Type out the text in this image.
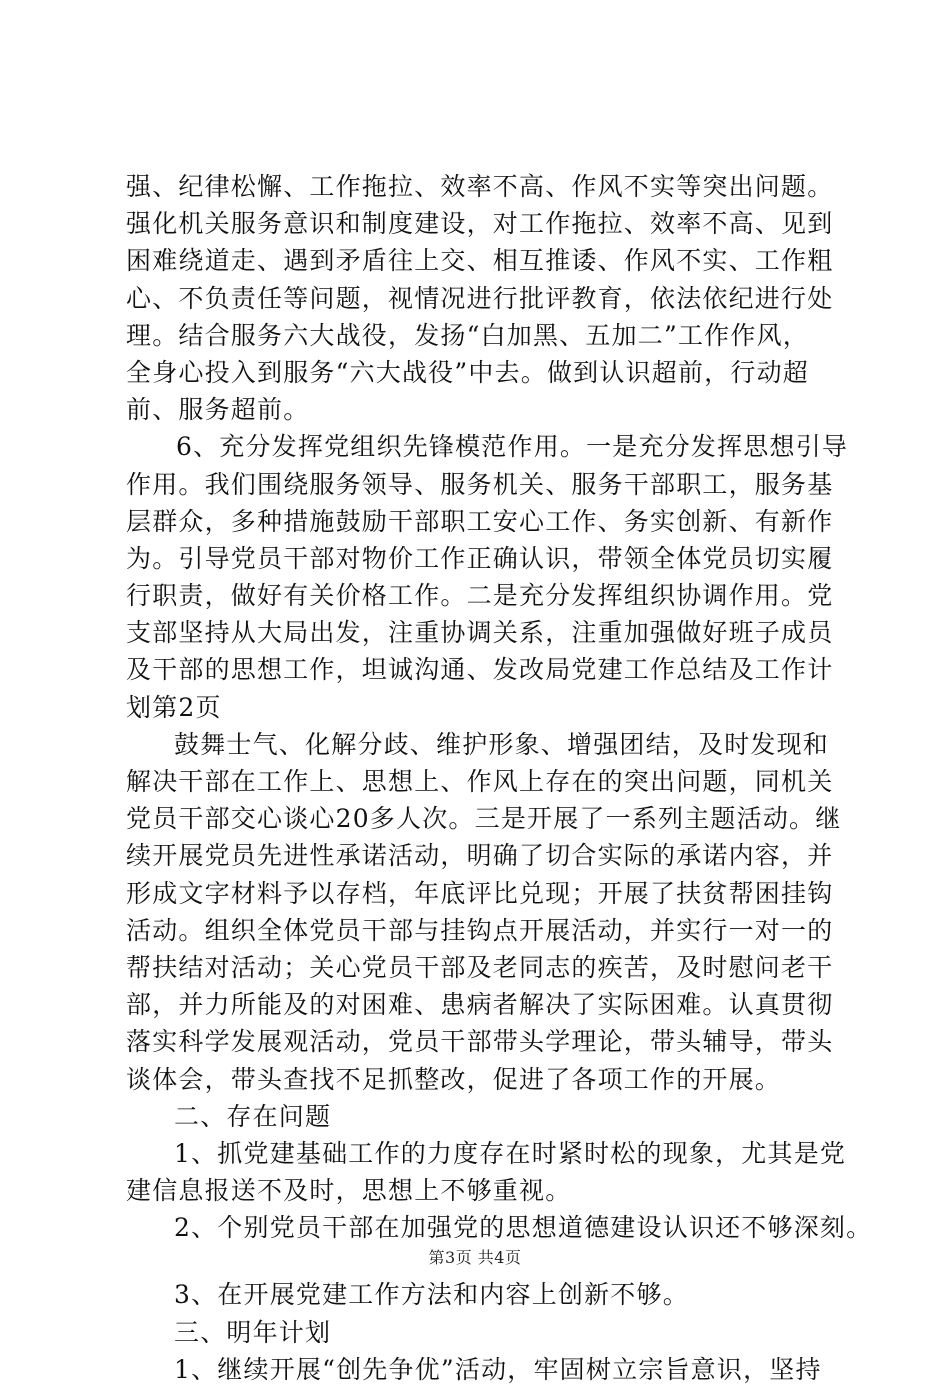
强、纪律松懈、工作拖拉、效率不高、作风不实等突出问题。
强化机关服务意识和制度建设，对工作拖拉、效率不高、见到
困难绕道走、遇到矛盾往上交、相互推诿、作风不实、工作粗
心、不负责任等问题，视情况进行批评教育，依法依纪进行处
理。结合服务六大战役，发扬“白加黑、五加二”工作作风，
全身心投入到服务“六大战役”中去。做到认识超前，行动超
前、服务超前。
6、充分发挥党组织先锋模范作用。一是充分发挥思想引导
作用。我们围绕服务领导、服务机关、服务干部职工，服务基
层群众，多种措施鼓励干部职工安心工作、务实创新、有新作
为。引导党员干部对物价工作正确认识，带领全体党员切实履
行职责，做好有关价格工作。二是充分发挥组织协调作用。党
支部坚持从大局出发，注重协调关系，注重加强做好班子成员
及干部的思想工作，坦诚沟通、发改局党建工作总结及工作计
划第2页
鼓舞士气、化解分歧、维护形象、增强团结，及时发现和
解决干部在工作上、思想上、作风上存在的突出问题，同机关
党员干部交心谈心20多人次。三是开展了一系列主题活动。继
续开展党员先进性承诺活动，明确了切合实际的承诺内容，并
形成文字材料予以存档，年底评比兑现；开展了扶贫帮困挂钩
活动。组织全体党员干部与挂钩点开展活动，并实行一对一的
帮扶结对活动；关心党员干部及老同志的疾苦，及时慰问老干
部，并力所能及的对困难、患病者解决了实际困难。认真贯彻
落实科学发展观活动，党员干部带头学理论，带头辅导，带头
谈体会，带头查找不足抓整改，促进了各项工作的开展。
二、存在问题
1、抓党建基础工作的力度存在时紧时松的现象，尤其是党
建信息报送不及时，思想上不够重视。
2、个别党员干部在加强党的思想道德建设认识还不够深刻。
3、在开展党建工作方法和内容上创新不够。
三、明年计划
1、继续开展“创先争优”活动，牢固树立宗旨意识，坚持
第3页 共4页
